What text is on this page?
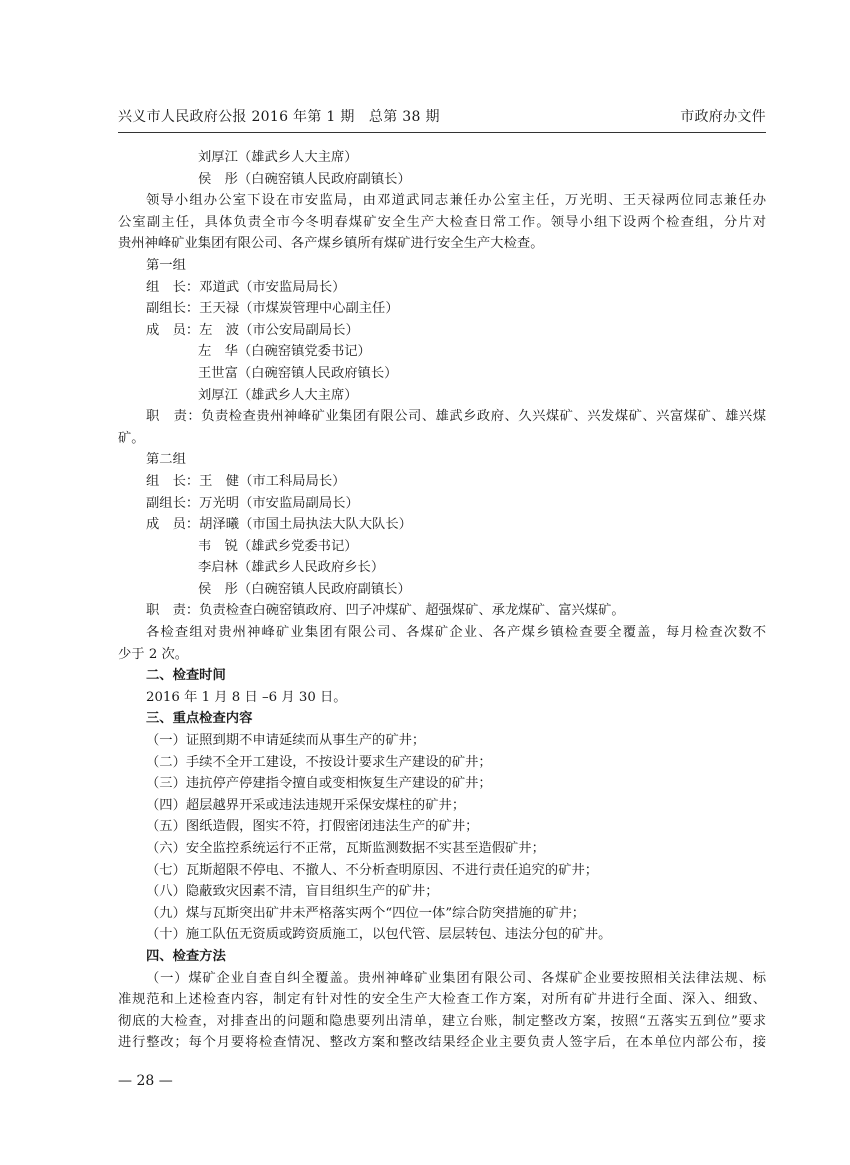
兴义市人民政府公报 2016 年第 1 期　总第 38 期	市政府办文件
刘厚江（雄武乡人大主席）
侯　彤（白碗窑镇人民政府副镇长）
领导小组办公室下设在市安监局，由邓道武同志兼任办公室主任，万光明、王天禄两位同志兼任办
公室副主任，具体负责全市今冬明春煤矿安全生产大检查日常工作。领导小组下设两个检查组，分片对
贵州神峰矿业集团有限公司、各产煤乡镇所有煤矿进行安全生产大检查。
第一组
组　长：邓道武（市安监局局长）
副组长：王天禄（市煤炭管理中心副主任）
成　员：左　波（市公安局副局长）
左　华（白碗窑镇党委书记）
王世富（白碗窑镇人民政府镇长）
刘厚江（雄武乡人大主席）
职　责：负责检查贵州神峰矿业集团有限公司、雄武乡政府、久兴煤矿、兴发煤矿、兴富煤矿、雄兴煤
矿。
第二组
组　长：王　健（市工科局局长）
副组长：万光明（市安监局副局长）
成　员：胡泽曦（市国土局执法大队大队长）
韦　锐（雄武乡党委书记）
李启林（雄武乡人民政府乡长）
侯　彤（白碗窑镇人民政府副镇长）
职　责：负责检查白碗窑镇政府、凹子冲煤矿、超强煤矿、承龙煤矿、富兴煤矿。
各检查组对贵州神峰矿业集团有限公司、各煤矿企业、各产煤乡镇检查要全覆盖，每月检查次数不
少于 2 次。
二、检查时间
2016 年 1 月 8 日 –6 月 30 日。
三、重点检查内容
（一）证照到期不申请延续而从事生产的矿井；
（二）手续不全开工建设，不按设计要求生产建设的矿井；
（三）违抗停产停建指令擅自或变相恢复生产建设的矿井；
（四）超层越界开采或违法违规开采保安煤柱的矿井；
（五）图纸造假，图实不符，打假密闭违法生产的矿井；
（六）安全监控系统运行不正常，瓦斯监测数据不实甚至造假矿井；
（七）瓦斯超限不停电、不撤人、不分析查明原因、不进行责任追究的矿井；
（八）隐蔽致灾因素不清，盲目组织生产的矿井；
（九）煤与瓦斯突出矿井未严格落实两个“四位一体”综合防突措施的矿井；
（十）施工队伍无资质或跨资质施工，以包代管、层层转包、违法分包的矿井。
四、检查方法
（一）煤矿企业自查自纠全覆盖。贵州神峰矿业集团有限公司、各煤矿企业要按照相关法律法规、标
准规范和上述检查内容，制定有针对性的安全生产大检查工作方案，对所有矿井进行全面、深入、细致、
彻底的大检查，对排查出的问题和隐患要列出清单，建立台账，制定整改方案，按照“五落实五到位”要求
进行整改；每个月要将检查情况、整改方案和整改结果经企业主要负责人签字后，在本单位内部公布，接
— 28 —
